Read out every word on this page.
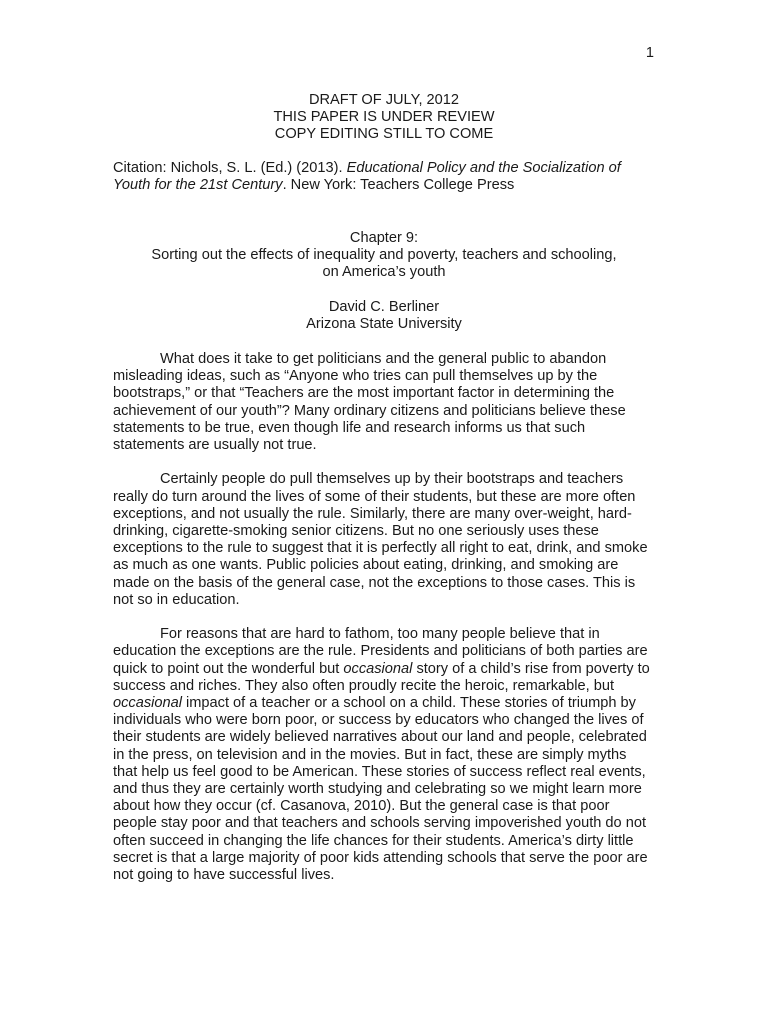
1
DRAFT OF JULY, 2012
THIS PAPER IS UNDER REVIEW
COPY EDITING STILL TO COME
Citation: Nichols, S. L. (Ed.) (2013). Educational Policy and the Socialization of Youth for the 21st Century. New York: Teachers College Press
Chapter 9:
Sorting out the effects of inequality and poverty, teachers and schooling,
on America’s youth
David C. Berliner
Arizona State University

What does it take to get politicians and the general public to abandon misleading ideas, such as “Anyone who tries can pull themselves up by the bootstraps,” or that “Teachers are the most important factor in determining the achievement of our youth”? Many ordinary citizens and politicians believe these statements to be true, even though life and research informs us that such statements are usually not true.

Certainly people do pull themselves up by their bootstraps and teachers really do turn around the lives of some of their students, but these are more often exceptions, and not usually the rule. Similarly, there are many over-weight, hard-drinking, cigarette-smoking senior citizens. But no one seriously uses these exceptions to the rule to suggest that it is perfectly all right to eat, drink, and smoke as much as one wants. Public policies about eating, drinking, and smoking are made on the basis of the general case, not the exceptions to those cases. This is not so in education.

For reasons that are hard to fathom, too many people believe that in education the exceptions are the rule. Presidents and politicians of both parties are quick to point out the wonderful but occasional story of a child’s rise from poverty to success and riches. They also often proudly recite the heroic, remarkable, but occasional impact of a teacher or a school on a child. These stories of triumph by individuals who were born poor, or success by educators who changed the lives of their students are widely believed narratives about our land and people, celebrated in the press, on television and in the movies. But in fact, these are simply myths that help us feel good to be American. These stories of success reflect real events, and thus they are certainly worth studying and celebrating so we might learn more about how they occur (cf. Casanova, 2010). But the general case is that poor people stay poor and that teachers and schools serving impoverished youth do not often succeed in changing the life chances for their students. America’s dirty little secret is that a large majority of poor kids attending schools that serve the poor are not going to have successful lives.
